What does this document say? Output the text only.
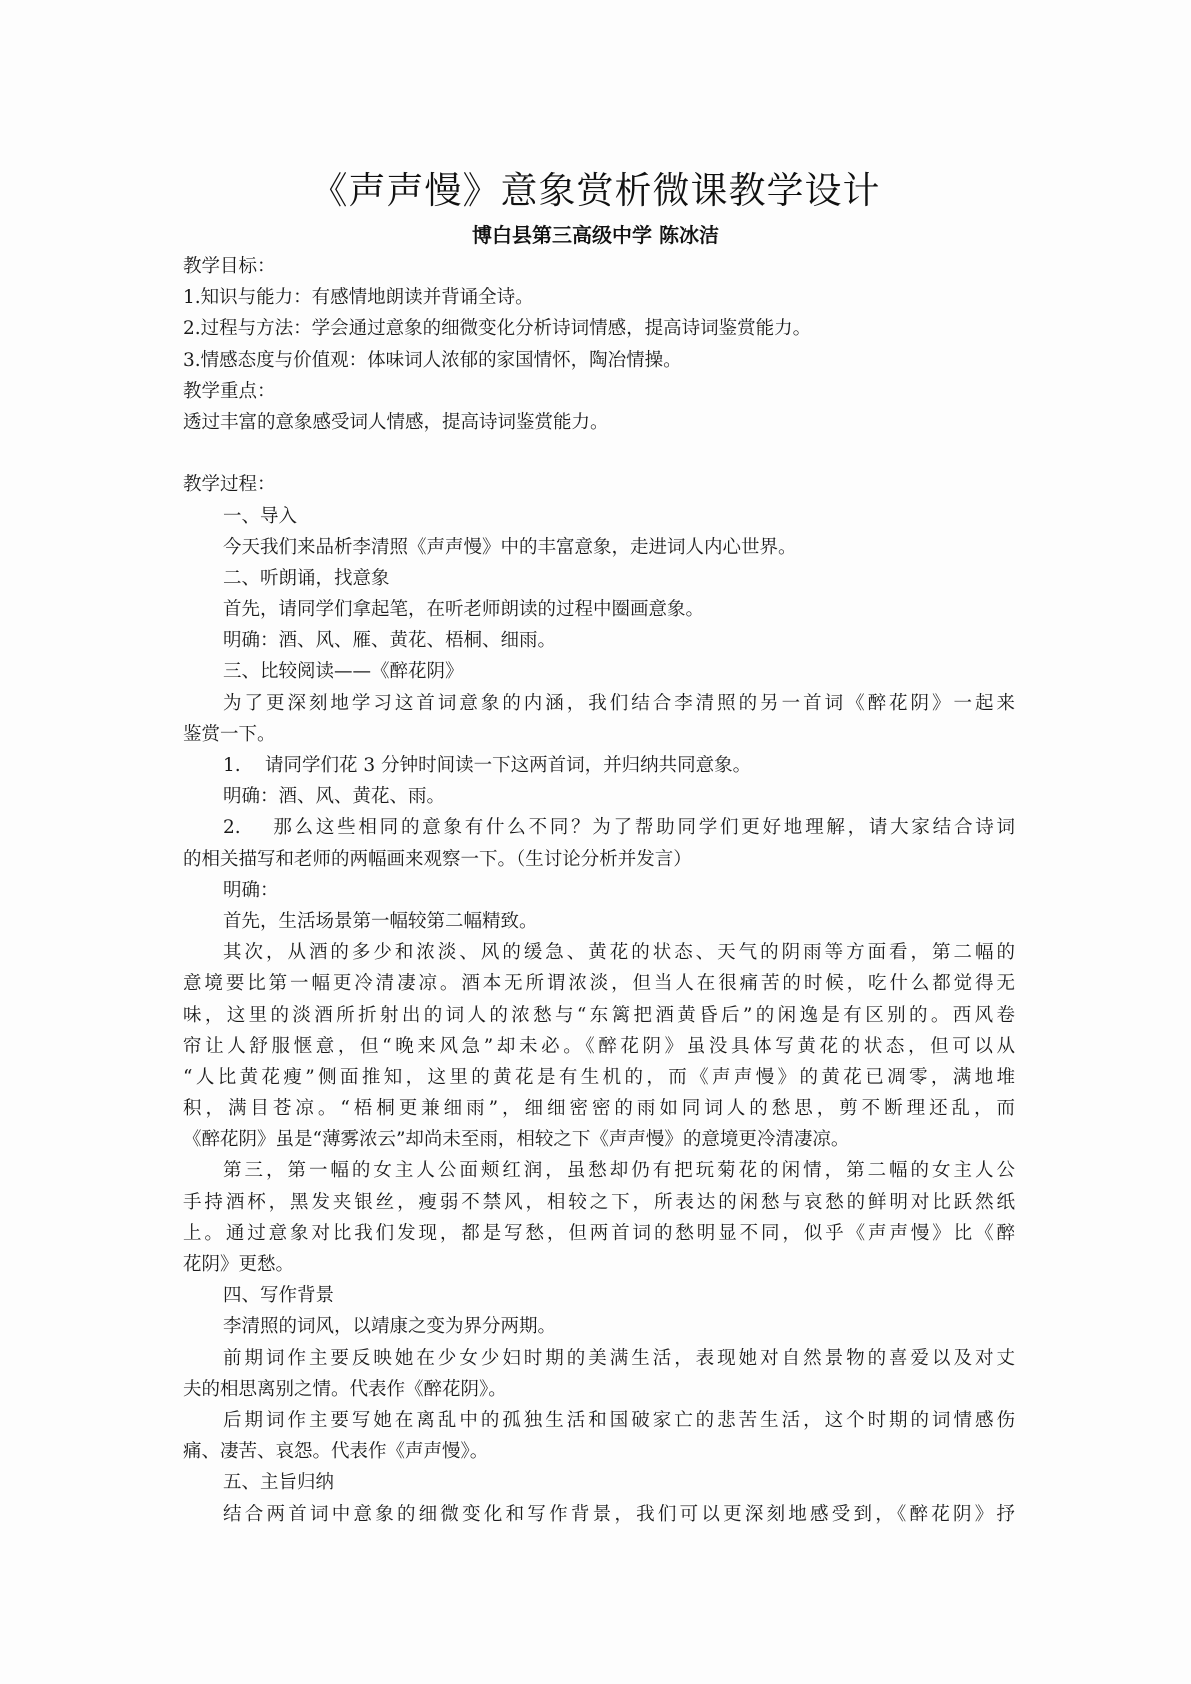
《声声慢》意象赏析微课教学设计
博白县第三高级中学 陈冰洁
教学目标：
1.知识与能力：有感情地朗读并背诵全诗。
2.过程与方法：学会通过意象的细微变化分析诗词情感，提高诗词鉴赏能力。
3.情感态度与价值观：体味词人浓郁的家国情怀，陶冶情操。
教学重点：
透过丰富的意象感受词人情感，提高诗词鉴赏能力。
教学过程：
一、导入
今天我们来品析李清照《声声慢》中的丰富意象，走进词人内心世界。
二、听朗诵，找意象
首先，请同学们拿起笔，在听老师朗读的过程中圈画意象。
明确：酒、风、雁、黄花、梧桐、细雨。
三、比较阅读——《醉花阴》
为了更深刻地学习这首词意象的内涵，我们结合李清照的另一首词《醉花阴》一起来
鉴赏一下。
1.　 请同学们花 3 分钟时间读一下这两首词，并归纳共同意象。
明确：酒、风、黄花、雨。
2.　 那么这些相同的意象有什么不同？为了帮助同学们更好地理解，请大家结合诗词
的相关描写和老师的两幅画来观察一下。（生讨论分析并发言）
明确：
首先，生活场景第一幅较第二幅精致。
其次，从酒的多少和浓淡、风的缓急、黄花的状态、天气的阴雨等方面看，第二幅的
意境要比第一幅更冷清凄凉。酒本无所谓浓淡，但当人在很痛苦的时候，吃什么都觉得无
味，这里的淡酒所折射出的词人的浓愁与“东篱把酒黄昏后”的闲逸是有区别的。西风卷
帘让人舒服惬意，但“晚来风急”却未必。《醉花阴》虽没具体写黄花的状态，但可以从
“人比黄花瘦”侧面推知，这里的黄花是有生机的，而《声声慢》的黄花已凋零，满地堆
积，满目苍凉。“梧桐更兼细雨”，细细密密的雨如同词人的愁思，剪不断理还乱，而
《醉花阴》虽是“薄雾浓云”却尚未至雨，相较之下《声声慢》的意境更冷清凄凉。
第三，第一幅的女主人公面颊红润，虽愁却仍有把玩菊花的闲情，第二幅的女主人公
手持酒杯，黑发夹银丝，瘦弱不禁风，相较之下，所表达的闲愁与哀愁的鲜明对比跃然纸
上。通过意象对比我们发现，都是写愁，但两首词的愁明显不同，似乎《声声慢》比《醉
花阴》更愁。
四、写作背景
李清照的词风，以靖康之变为界分两期。
前期词作主要反映她在少女少妇时期的美满生活，表现她对自然景物的喜爱以及对丈
夫的相思离别之情。代表作《醉花阴》。
后期词作主要写她在离乱中的孤独生活和国破家亡的悲苦生活，这个时期的词情感伤
痛、凄苦、哀怨。代表作《声声慢》。
五、主旨归纳
结合两首词中意象的细微变化和写作背景，我们可以更深刻地感受到，《醉花阴》抒
